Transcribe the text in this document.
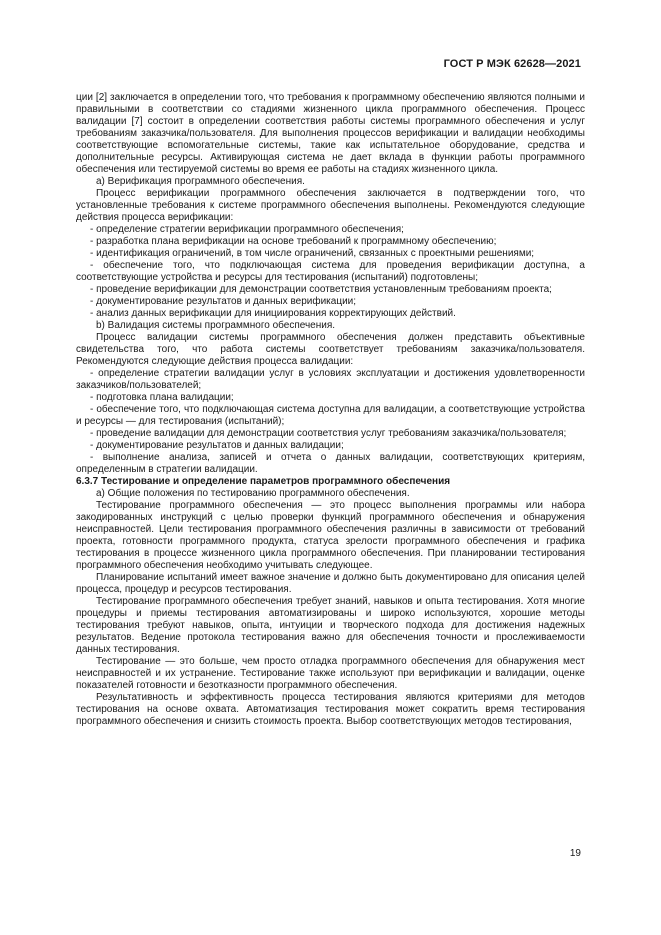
ГОСТ Р МЭК 62628—2021

ции [2] заключается в определении того, что требования к программному обеспечению являются полными и правильными в соответствии со стадиями жизненного цикла программного обеспечения. Процесс валидации [7] состоит в определении соответствия работы системы программного обеспечения и услуг требованиям заказчика/пользователя. Для выполнения процессов верификации и валидации необходимы соответствующие вспомогательные системы, такие как испытательное оборудование, средства и дополнительные ресурсы. Активирующая система не дает вклада в функции работы программного обеспечения или тестируемой системы во время ее работы на стадиях жизненного цикла.

a) Верификация программного обеспечения.

Процесс верификации программного обеспечения заключается в подтверждении того, что установленные требования к системе программного обеспечения выполнены. Рекомендуются следующие действия процесса верификации:

- определение стратегии верификации программного обеспечения;

- разработка плана верификации на основе требований к программному обеспечению;

- идентификация ограничений, в том числе ограничений, связанных с проектными решениями;

- обеспечение того, что подключающая система для проведения верификации доступна, а соответствующие устройства и ресурсы для тестирования (испытаний) подготовлены;

- проведение верификации для демонстрации соответствия установленным требованиям проекта;

- документирование результатов и данных верификации;

- анализ данных верификации для инициирования корректирующих действий.

b) Валидация системы программного обеспечения.

Процесс валидации системы программного обеспечения должен представить объективные свидетельства того, что работа системы соответствует требованиям заказчика/пользователя. Рекомендуются следующие действия процесса валидации:

- определение стратегии валидации услуг в условиях эксплуатации и достижения удовлетворенности заказчиков/пользователей;

- подготовка плана валидации;

- обеспечение того, что подключающая система доступна для валидации, а соответствующие устройства и ресурсы — для тестирования (испытаний);

- проведение валидации для демонстрации соответствия услуг требованиям заказчика/пользователя;

- документирование результатов и данных валидации;

- выполнение анализа, записей и отчета о данных валидации, соответствующих критериям, определенным в стратегии валидации.

6.3.7 Тестирование и определение параметров программного обеспечения

a) Общие положения по тестированию программного обеспечения.

Тестирование программного обеспечения — это процесс выполнения программы или набора закодированных инструкций с целью проверки функций программного обеспечения и обнаружения неисправностей. Цели тестирования программного обеспечения различны в зависимости от требований проекта, готовности программного продукта, статуса зрелости программного обеспечения и графика тестирования в процессе жизненного цикла программного обеспечения. При планировании тестирования программного обеспечения необходимо учитывать следующее.

Планирование испытаний имеет важное значение и должно быть документировано для описания целей процесса, процедур и ресурсов тестирования.

Тестирование программного обеспечения требует знаний, навыков и опыта тестирования. Хотя многие процедуры и приемы тестирования автоматизированы и широко используются, хорошие методы тестирования требуют навыков, опыта, интуиции и творческого подхода для достижения надежных результатов. Ведение протокола тестирования важно для обеспечения точности и прослеживаемости данных тестирования.

Тестирование — это больше, чем просто отладка программного обеспечения для обнаружения мест неисправностей и их устранение. Тестирование также используют при верификации и валидации, оценке показателей готовности и безотказности программного обеспечения.

Результативность и эффективность процесса тестирования являются критериями для методов тестирования на основе охвата. Автоматизация тестирования может сократить время тестирования программного обеспечения и снизить стоимость проекта. Выбор соответствующих методов тестирования,

19
